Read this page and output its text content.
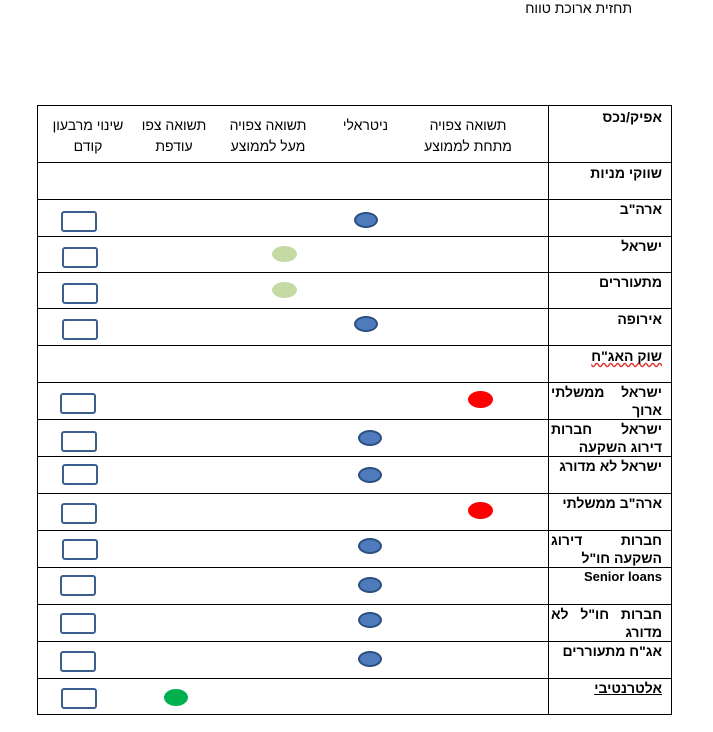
תחזית ארוכת טווח
שינוי מרבעון קודם
תשואה צפו עודפת
תשואה צפויה מעל לממוצע
ניטראלי	תשואה צפויה מתחת לממוצע
אפיק/נכס
שווקי מניות
ארה"ב
ישראל
מתעוררים
אירופה
שוק האג"ח
ישראל ממשלתי ארוך
ישראל חברות דירוג השקעה
ישראל לא מדורג
ארה"ב ממשלתי
חברות דירוג השקעה חו"ל
Senior loans
חברות חו"ל לא מדורג
אג"ח מתעוררים
אלטרנטיבי
